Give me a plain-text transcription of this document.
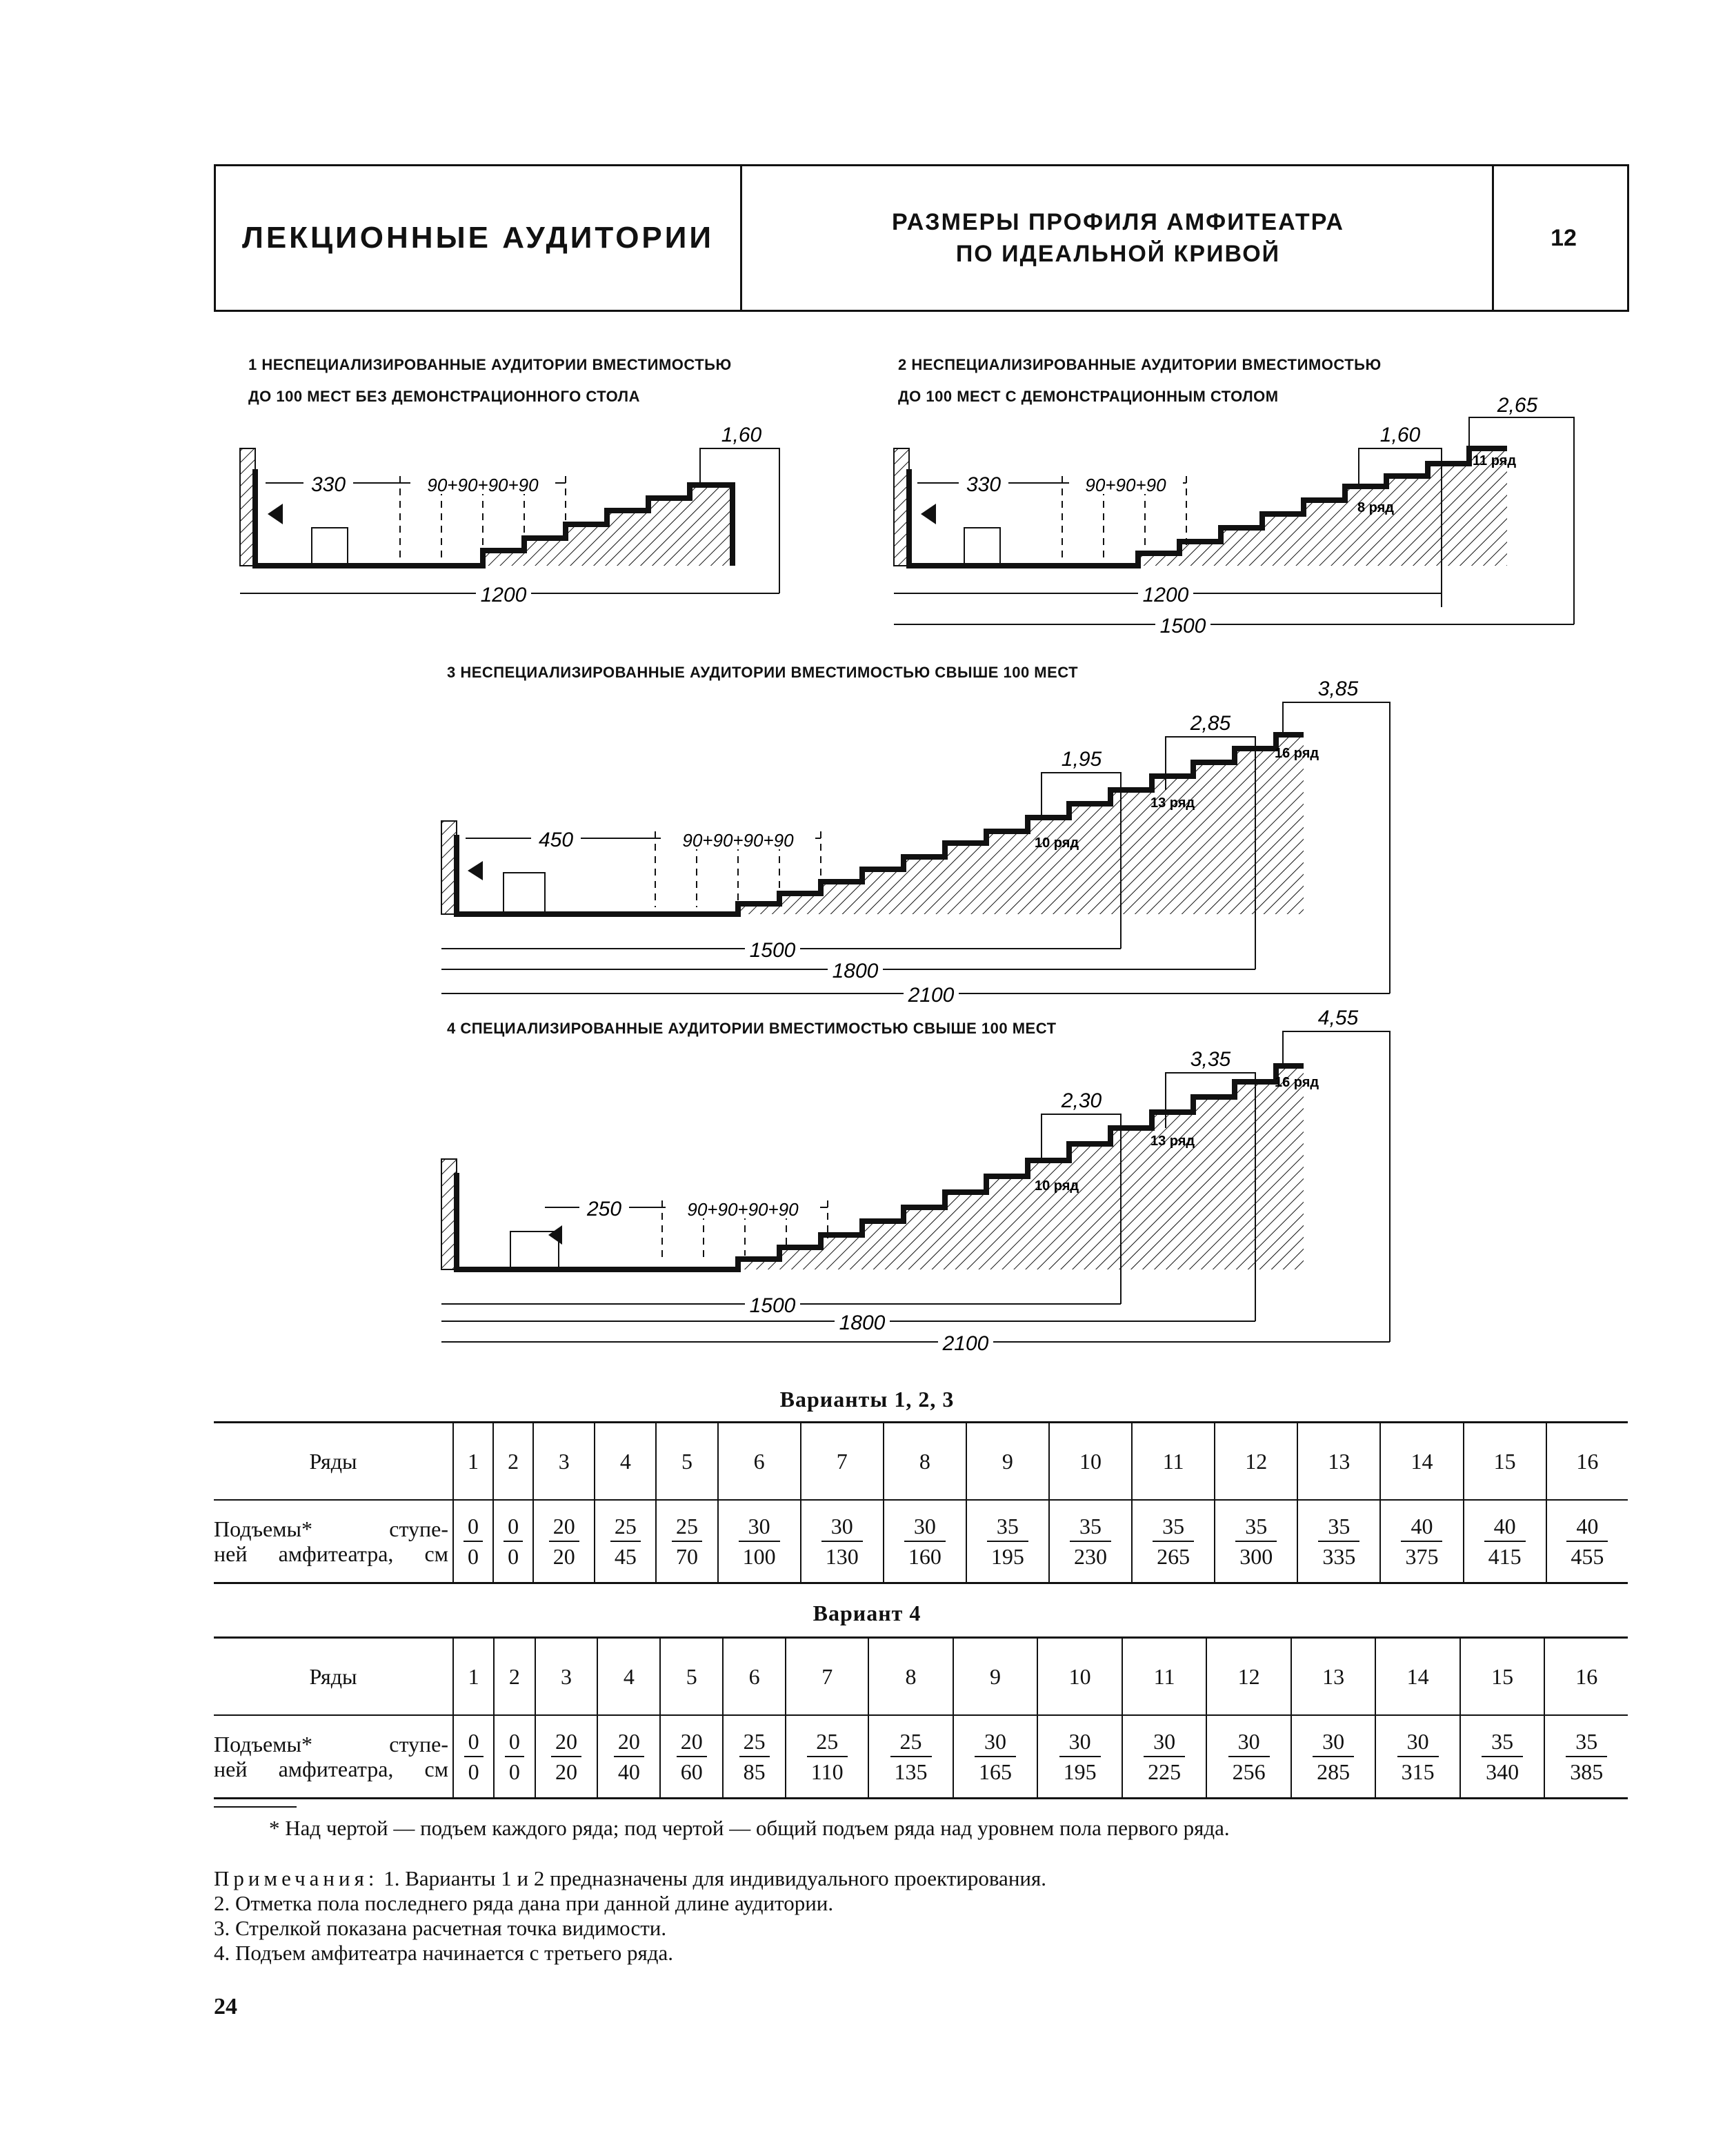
ЛЕКЦИОННЫЕ АУДИТОРИИ	РАЗМЕРЫ ПРОФИЛЯ АМФИТЕАТРА
ПО ИДЕАЛЬНОЙ КРИВОЙ
12
1 НЕСПЕЦИАЛИЗИРОВАННЫЕ АУДИТОРИИ ВМЕСТИМОСТЬЮ
ДО 100 МЕСТ БЕЗ ДЕМОНСТРАЦИОННОГО СТОЛА
2 НЕСПЕЦИАЛИЗИРОВАННЫЕ АУДИТОРИИ ВМЕСТИМОСТЬЮ
ДО 100 МЕСТ С ДЕМОНСТРАЦИОННЫМ СТОЛОМ
3 НЕСПЕЦИАЛИЗИРОВАННЫЕ АУДИТОРИИ ВМЕСТИМОСТЬЮ СВЫШЕ 100 МЕСТ
4 СПЕЦИАЛИЗИРОВАННЫЕ АУДИТОРИИ ВМЕСТИМОСТЬЮ СВЫШЕ 100 МЕСТ
330	90+90+90+90
1,60
1200
330	90+90+90
1,60
2,65
8 ряд
11 ряд
1200
1500
450	90+90+90+90
1,95
2,85
3,85
10 ряд
13 ряд
16 ряд
1500
1800
2100
250	90+90+90+90
2,30
3,35
4,55
10 ряд
13 ряд
16 ряд
1500
1800
2100
Варианты 1, 2, 3
Ряды	1	2	3	4	5	6	7	8	9	10	11	12	13	14	15	16
Подъемы* ступе-
ней амфитеатра, см	$\frac{0}{0}$	$\frac{0}{0}$	$\frac{20}{20}$	$\frac{25}{45}$	$\frac{25}{70}$	$\frac{30}{100}$	$\frac{30}{130}$	$\frac{30}{160}$	$\frac{35}{195}$	$\frac{35}{230}$	$\frac{35}{265}$	$\frac{35}{300}$	$\frac{35}{335}$	$\frac{40}{375}$	$\frac{40}{415}$	$\frac{40}{455}$
Вариант 4
Ряды	1	2	3	4	5	6	7	8	9	10	11	12	13	14	15	16
Подъемы* ступе-
ней амфитеатра, см	$\frac{0}{0}$	$\frac{0}{0}$	$\frac{20}{20}$	$\frac{20}{40}$	$\frac{20}{60}$	$\frac{25}{85}$	$\frac{25}{110}$	$\frac{25}{135}$	$\frac{30}{165}$	$\frac{30}{195}$	$\frac{30}{225}$	$\frac{30}{256}$	$\frac{30}{285}$	$\frac{30}{315}$	$\frac{35}{340}$	$\frac{35}{385}$
* Над чертой — подъем каждого ряда; под чертой — общий подъем ряда над уровнем пола первого ряда.
Примечания: 1. Варианты 1 и 2 предназначены для индивидуального проектирования.
2. Отметка пола последнего ряда дана при данной длине аудитории.
3. Стрелкой показана расчетная точка видимости.
4. Подъем амфитеатра начинается с третьего ряда.
24
